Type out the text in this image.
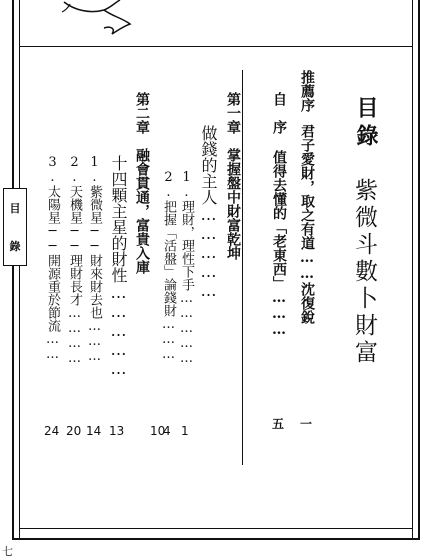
目
錄
目錄
紫微斗數卜財富
推薦序
君子愛財，取之有道……沈復銳
一
自　序
值得去懂的「老東西」………
五
第一章　掌握盤中財富乾坤
做錢的主人……………
1.理財，理性下手……………
1
2.把握「活盤」論錢財………
4
10
第二章　融會貫通，富貴入庫
十四顆主星的財性……………
13
1.紫微星──財來財去也………
14
2.天機星──理財長才…………
20
3.太陽星──開源重於節流……
24
七
